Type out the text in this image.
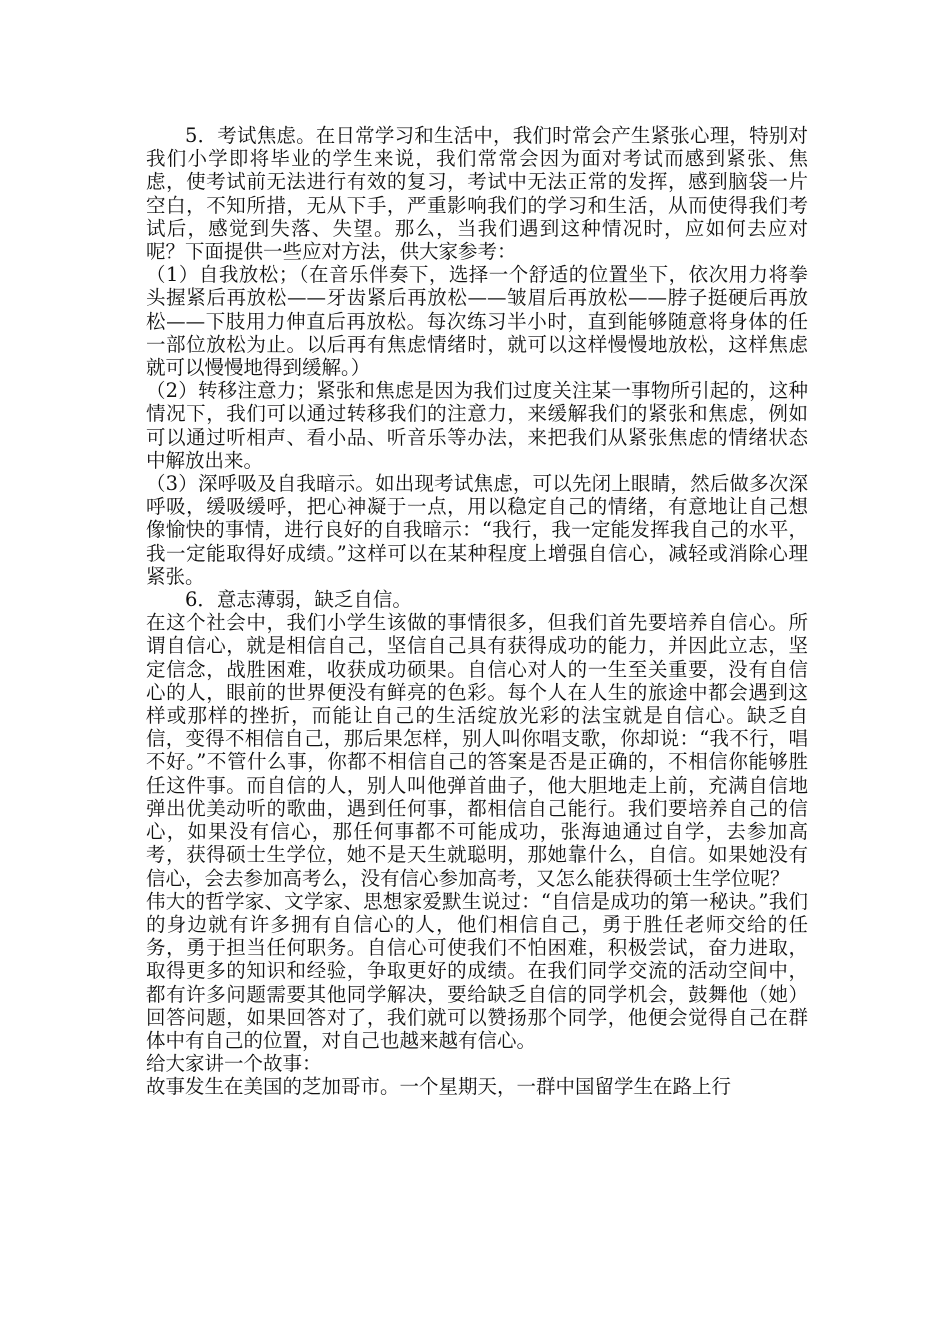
5．考试焦虑。在日常学习和生活中，我们时常会产生紧张心理，特别对我们小学即将毕业的学生来说，我们常常会因为面对考试而感到紧张、焦虑，使考试前无法进行有效的复习，考试中无法正常的发挥，感到脑袋一片空白，不知所措，无从下手，严重影响我们的学习和生活，从而使得我们考试后，感觉到失落、失望。那么，当我们遇到这种情况时，应如何去应对呢？下面提供一些应对方法，供大家参考：

（1）自我放松；（在音乐伴奏下，选择一个舒适的位置坐下，依次用力将拳头握紧后再放松——牙齿紧后再放松——皱眉后再放松——脖子挺硬后再放松——下肢用力伸直后再放松。每次练习半小时，直到能够随意将身体的任一部位放松为止。以后再有焦虑情绪时，就可以这样慢慢地放松，这样焦虑就可以慢慢地得到缓解。）

（2）转移注意力；紧张和焦虑是因为我们过度关注某一事物所引起的，这种情况下，我们可以通过转移我们的注意力，来缓解我们的紧张和焦虑，例如可以通过听相声、看小品、听音乐等办法，来把我们从紧张焦虑的情绪状态中解放出来。

（3）深呼吸及自我暗示。如出现考试焦虑，可以先闭上眼睛，然后做多次深呼吸，缓吸缓呼，把心神凝于一点，用以稳定自己的情绪，有意地让自己想像愉快的事情，进行良好的自我暗示：“我行，我一定能发挥我自己的水平，我一定能取得好成绩。”这样可以在某种程度上增强自信心，减轻或消除心理紧张。

6．意志薄弱，缺乏自信。

在这个社会中，我们小学生该做的事情很多，但我们首先要培养自信心。所谓自信心，就是相信自己，坚信自己具有获得成功的能力，并因此立志，坚定信念，战胜困难，收获成功硕果。自信心对人的一生至关重要，没有自信心的人，眼前的世界便没有鲜亮的色彩。每个人在人生的旅途中都会遇到这样或那样的挫折，而能让自己的生活绽放光彩的法宝就是自信心。缺乏自信，变得不相信自己，那后果怎样，别人叫你唱支歌，你却说：“我不行，唱不好。”不管什么事，你都不相信自己的答案是否是正确的，不相信你能够胜任这件事。而自信的人，别人叫他弹首曲子，他大胆地走上前，充满自信地弹出优美动听的歌曲，遇到任何事，都相信自己能行。我们要培养自己的信心，如果没有信心，那任何事都不可能成功，张海迪通过自学，去参加高考，获得硕士生学位，她不是天生就聪明，那她靠什么，自信。如果她没有信心，会去参加高考么，没有信心参加高考，又怎么能获得硕士生学位呢？

伟大的哲学家、文学家、思想家爱默生说过：“自信是成功的第一秘诀。”我们的身边就有许多拥有自信心的人，他们相信自己，勇于胜任老师交给的任务，勇于担当任何职务。自信心可使我们不怕困难，积极尝试，奋力进取，取得更多的知识和经验，争取更好的成绩。在我们同学交流的活动空间中，都有许多问题需要其他同学解决，要给缺乏自信的同学机会，鼓舞他（她）回答问题，如果回答对了，我们就可以赞扬那个同学，他便会觉得自己在群体中有自己的位置，对自己也越来越有信心。

给大家讲一个故事：

故事发生在美国的芝加哥市。一个星期天，一群中国留学生在路上行
